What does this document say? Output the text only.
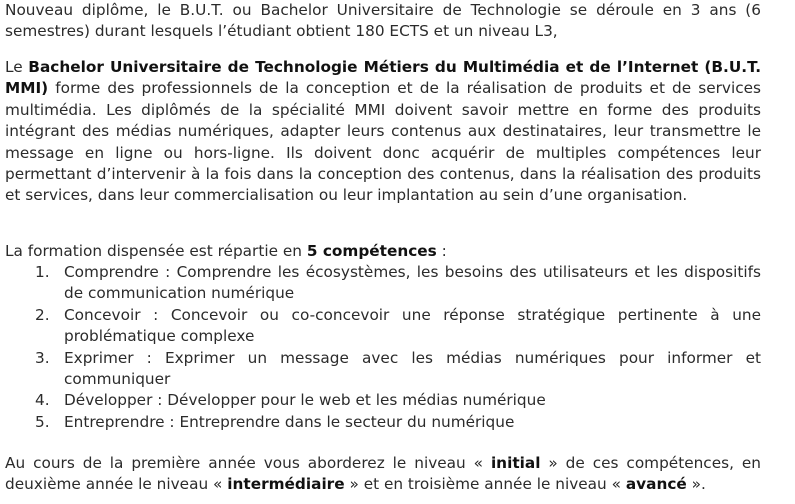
Nouveau diplôme, le B.U.T. ou Bachelor Universitaire de Technologie se déroule en 3 ans (6 semestres) durant lesquels l’étudiant obtient 180 ECTS et un niveau L3,

Le Bachelor Universitaire de Technologie Métiers du Multimédia et de l’Internet (B.U.T. MMI) forme des professionnels de la conception et de la réalisation de produits et de services multimédia. Les diplômés de la spécialité MMI doivent savoir mettre en forme des produits intégrant des médias numériques, adapter leurs contenus aux destinataires, leur transmettre le message en ligne ou hors-ligne. Ils doivent donc acquérir de multiples compétences leur permettant d’intervenir à la fois dans la conception des contenus, dans la réalisation des produits et services, dans leur commercialisation ou leur implantation au sein d’une organisation.

La formation dispensée est répartie en 5 compétences :

1. Comprendre : Comprendre les écosystèmes, les besoins des utilisateurs et les dispositifs de communication numérique
2. Concevoir : Concevoir ou co-concevoir une réponse stratégique pertinente à une problématique complexe
3. Exprimer : Exprimer un message avec les médias numériques pour informer et communiquer
4. Développer : Développer pour le web et les médias numérique
5. Entreprendre : Entreprendre dans le secteur du numérique

Au cours de la première année vous aborderez le niveau « initial » de ces compétences, en deuxième année le niveau « intermédiaire » et en troisième année le niveau « avancé ».
